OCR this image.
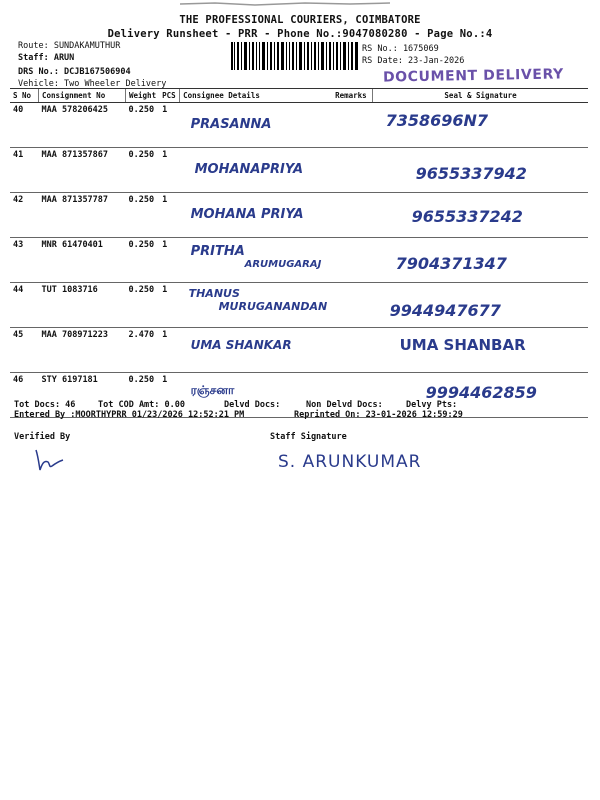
THE PROFESSIONAL COURIERS, COIMBATORE
Delivery Runsheet - PRR - Phone No.:9047080280 - Page No.:4
Route: SUNDAKAMUTHUR
Staff: ARUN
DRS No.: DCJB167506904
Vehicle: Two Wheeler Delivery
RS No.: 1675069
RS Date: 23-Jan-2026
DOCUMENT DELIVERY
S No	Consignment No	Weight	PCS	Consignee Details	Remarks	Seal & Signature
40	MAA 578206425	0.250	1	PRASANNA		7358696N7

41	MAA 871357867	0.250	1	MOHANAPRIYA		9655337942

42	MAA 871357787	0.250	1	MOHANA PRIYA		9655337242

43	MNR 61470401	0.250	1	PRITHA
ARUMUGARAJ		7904371347

44	TUT 1083716	0.250	1	THANUS
MURUGANANDAN		9944947677

45	MAA 708971223	2.470	1	UMA SHANKAR		UMA SHANBAR

46	STY 6197181	0.250	1	ரஞ்சனா		9994462859
Tot Docs: 46	Tot COD Amt: 0.00	Delvd Docs:	Non Delvd Docs:	Delvy Pts:
Entered By :MOORTHYPRR 01/23/2026 12:52:21 PM	Reprinted On: 23-01-2026 12:59:29
Verified By	Staff Signature
S. ARUNKUMAR
